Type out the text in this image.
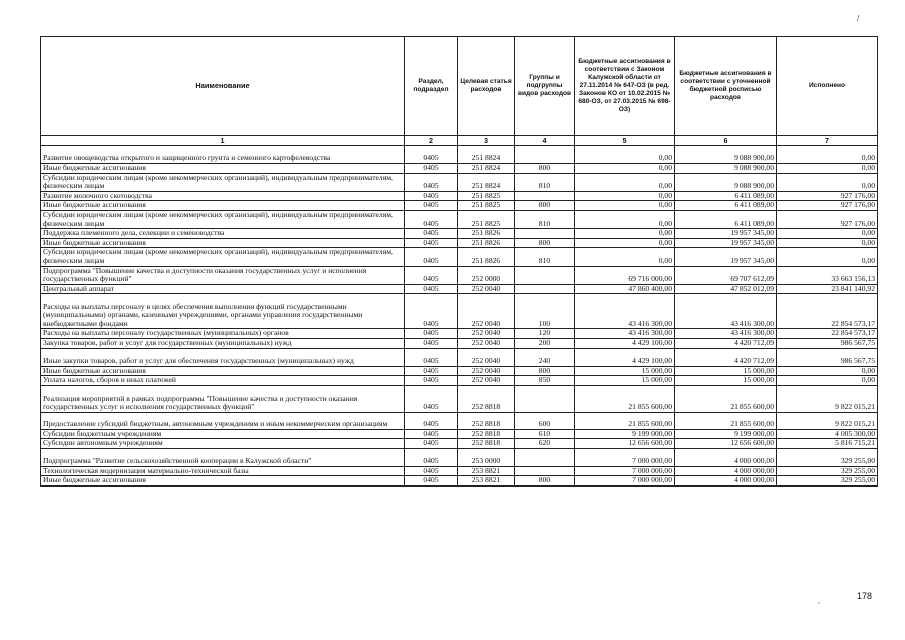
Наименование	Раздел, подраздел	Целевая статья расходов	Группы и подгруппы видов расходов	Бюджетные ассигнования в соответствии с Законом Калужской области от 27.11.2014 № 647-ОЗ (в ред. Законов КО от 10.02.2015 № 680-ОЗ, от 27.03.2015 № 698-ОЗ)	Бюджетные ассигнования в соответствии с уточненной бюджетной росписью расходов	Исполнено
1	2	3	4	5	6	7
Развитие овощеводства открытого и защищенного грунта и семенного картофелеводства	0405	251 8824		0,00	9 088 900,00	0,00
Иные бюджетные ассигнования	0405	251 8824	800	0,00	9 088 900,00	0,00
Субсидии юридическим лицам (кроме некоммерческих организаций), индивидуальным предпринимателям, физическим лицам	0405	251 8824	810	0,00	9 088 900,00	0,00
Развитие молочного скотоводства	0405	251 8825		0,00	6 411 089,00	927 176,00
Иные бюджетные ассигнования	0405	251 8825	800	0,00	6 411 089,00	927 176,00
Субсидии юридическим лицам (кроме некоммерческих организаций), индивидуальным предпринимателям, физическим лицам	0405	251 8825	810	0,00	6 411 089,00	927 176,00
Поддержка племенного дела, селекции и семеноводства	0405	251 8826		0,00	19 957 345,00	0,00
Иные бюджетные ассигнования	0405	251 8826	800	0,00	19 957 345,00	0,00
Субсидии юридическим лицам (кроме некоммерческих организаций), индивидуальным предпринимателям, физическим лицам	0405	251 8826	810	0,00	19 957 345,00	0,00
Подпрограмма "Повышение качества и доступности оказания государственных услуг и исполнения государственных функций"	0405	252 0000		69 716 000,00	69 707 612,09	33 663 156,13
Центральный аппарат	0405	252 0040		47 860 400,00	47 852 012,09	23 841 140,92
Расходы на выплаты персоналу в целях обеспечения выполнения функций государственными (муниципальными) органами, казенными учреждениями, органами управления государственными внебюджетными фондами	0405	252 0040	100	43 416 300,00	43 416 300,00	22 854 573,17
Расходы на выплаты персоналу государственных (муниципальных) органов	0405	252 0040	120	43 416 300,00	43 416 300,00	22 854 573,17
Закупка товаров, работ и услуг для государственных (муниципальных) нужд	0405	252 0040	200	4 429 100,00	4 420 712,09	986 567,75
Иные закупки товаров, работ и услуг для обеспечения государственных (муниципальных) нужд	0405	252 0040	240	4 429 100,00	4 420 712,09	986 567,75
Иные бюджетные ассигнования	0405	252 0040	800	15 000,00	15 000,00	0,00
Уплата налогов, сборов и иных платежей	0405	252 0040	850	15 000,00	15 000,00	0,00
Реализация мероприятий в рамках подпрограммы "Повышение качества и доступности оказания государственных услуг и исполнения государственных функций"	0405	252 8818		21 855 600,00	21 855 600,00	9 822 015,21
Предоставление субсидий бюджетным, автономным учреждениям и иным некоммерческим организациям	0405	252 8818	600	21 855 600,00	21 855 600,00	9 822 015,21
Субсидии бюджетным учреждениям	0405	252 8818	610	9 199 000,00	9 199 000,00	4 005 300,00
Субсидии автономным учреждениям	0405	252 8818	620	12 656 600,00	12 656 600,00	5 816 715,21
Подпрограмма "Развитие сельскохозяйственной кооперации в Калужской области"	0405	253 0000		7 000 000,00	4 000 000,00	329 255,00
Технологическая модернизация материально-технической базы	0405	253 8821		7 000 000,00	4 000 000,00	329 255,00
Иные бюджетные ассигнования	0405	253 8821	800	7 000 000,00	4 000 000,00	329 255,00
/
,	178
